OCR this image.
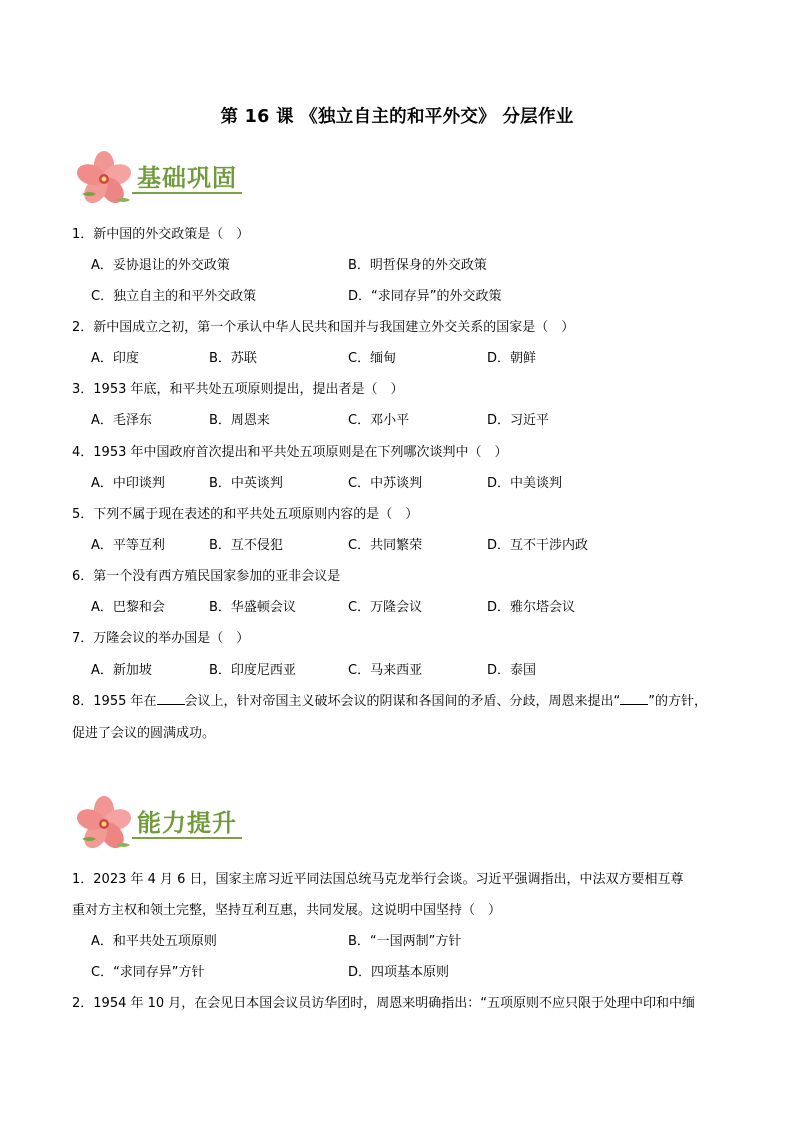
第 16 课 《独立自主的和平外交》 分层作业
基础巩固
1．新中国的外交政策是（　）
A．妥协退让的外交政策	B．明哲保身的外交政策
C．独立自主的和平外交政策	D．“求同存异”的外交政策
2．新中国成立之初，第一个承认中华人民共和国并与我国建立外交关系的国家是（　）
A．印度	B．苏联	C．缅甸	D．朝鲜
3．1953 年底，和平共处五项原则提出，提出者是（　）
A．毛泽东	B．周恩来	C．邓小平	D．习近平
4．1953 年中国政府首次提出和平共处五项原则是在下列哪次谈判中（　）
A．中印谈判	B．中英谈判	C．中苏谈判	D．中美谈判
5．下列不属于现在表述的和平共处五项原则内容的是（　）
A．平等互利	B．互不侵犯	C．共同繁荣	D．互不干涉内政
6．第一个没有西方殖民国家参加的亚非会议是
A．巴黎和会	B．华盛顿会议	C．万隆会议	D．雅尔塔会议
7．万隆会议的举办国是（　）
A．新加坡	B．印度尼西亚	C．马来西亚	D．泰国
8．1955 年在 会议上，针对帝国主义破坏会议的阴谋和各国间的矛盾、分歧，周恩来提出“ ”的方针，
促进了会议的圆满成功。
能力提升
1．2023 年 4 月 6 日，国家主席习近平同法国总统马克龙举行会谈。习近平强调指出，中法双方要相互尊
重对方主权和领土完整，坚持互利互惠，共同发展。这说明中国坚持（　）
A．和平共处五项原则	B．“一国两制”方针
C．“求同存异”方针	D．四项基本原则
2．1954 年 10 月，在会见日本国会议员访华团时，周恩来明确指出：“五项原则不应只限于处理中印和中缅
